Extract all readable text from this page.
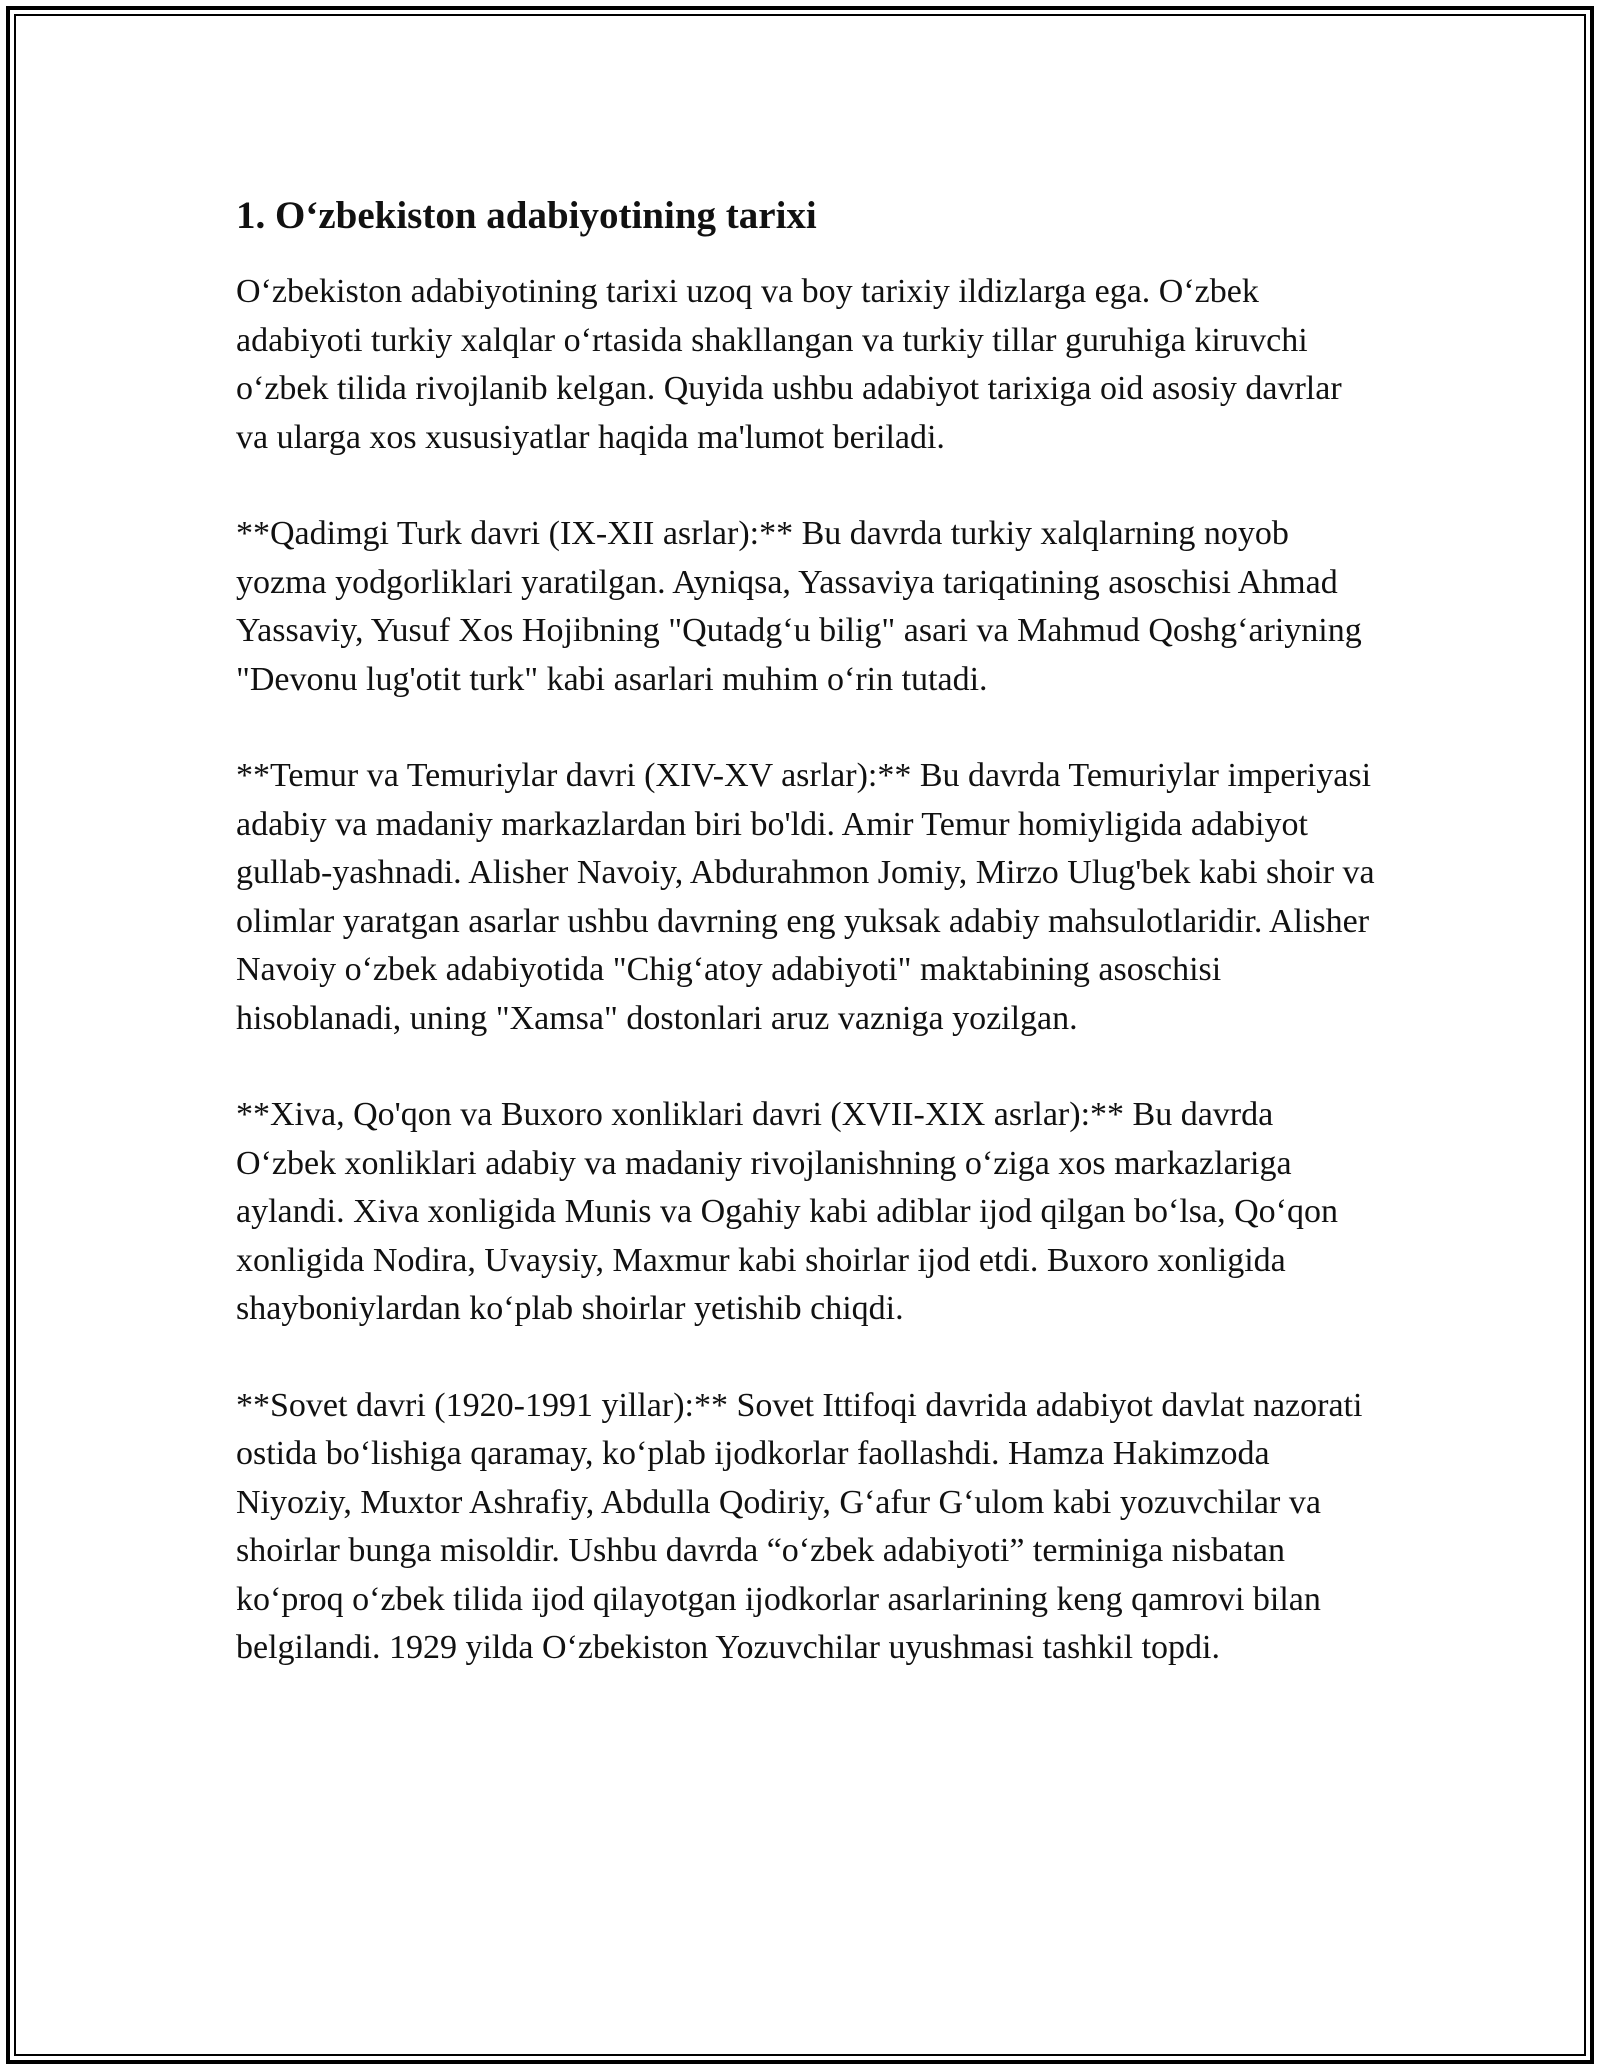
1. O‘zbekiston adabiyotining tarixi

O‘zbekiston adabiyotining tarixi uzoq va boy tarixiy ildizlarga ega. O‘zbek adabiyoti turkiy xalqlar o‘rtasida shakllangan va turkiy tillar guruhiga kiruvchi o‘zbek tilida rivojlanib kelgan. Quyida ushbu adabiyot tarixiga oid asosiy davrlar va ularga xos xususiyatlar haqida ma'lumot beriladi.

**Qadimgi Turk davri (IX-XII asrlar):** Bu davrda turkiy xalqlarning noyob yozma yodgorliklari yaratilgan. Ayniqsa, Yassaviya tariqatining asoschisi Ahmad Yassaviy, Yusuf Xos Hojibning "Qutadg‘u bilig" asari va Mahmud Qoshg‘ariyning "Devonu lug'otit turk" kabi asarlari muhim o‘rin tutadi.

**Temur va Temuriylar davri (XIV-XV asrlar):** Bu davrda Temuriylar imperiyasi adabiy va madaniy markazlardan biri bo'ldi. Amir Temur homiyligida adabiyot gullab-yashnadi. Alisher Navoiy, Abdurahmon Jomiy, Mirzo Ulug'bek kabi shoir va olimlar yaratgan asarlar ushbu davrning eng yuksak adabiy mahsulotlaridir. Alisher Navoiy o‘zbek adabiyotida "Chig‘atoy adabiyoti" maktabining asoschisi hisoblanadi, uning "Xamsa" dostonlari aruz vazniga yozilgan.

**Xiva, Qo'qon va Buxoro xonliklari davri (XVII-XIX asrlar):** Bu davrda O‘zbek xonliklari adabiy va madaniy rivojlanishning o‘ziga xos markazlariga aylandi. Xiva xonligida Munis va Ogahiy kabi adiblar ijod qilgan bo‘lsa, Qo‘qon xonligida Nodira, Uvaysiy, Maxmur kabi shoirlar ijod etdi. Buxoro xonligida shayboniylardan ko‘plab shoirlar yetishib chiqdi.

**Sovet davri (1920-1991 yillar):** Sovet Ittifoqi davrida adabiyot davlat nazorati ostida bo‘lishiga qaramay, ko‘plab ijodkorlar faollashdi. Hamza Hakimzoda Niyoziy, Muxtor Ashrafiy, Abdulla Qodiriy, G‘afur G‘ulom kabi yozuvchilar va shoirlar bunga misoldir. Ushbu davrda “o‘zbek adabiyoti” terminiga nisbatan ko‘proq o‘zbek tilida ijod qilayotgan ijodkorlar asarlarining keng qamrovi bilan belgilandi. 1929 yilda O‘zbekiston Yozuvchilar uyushmasi tashkil topdi.
